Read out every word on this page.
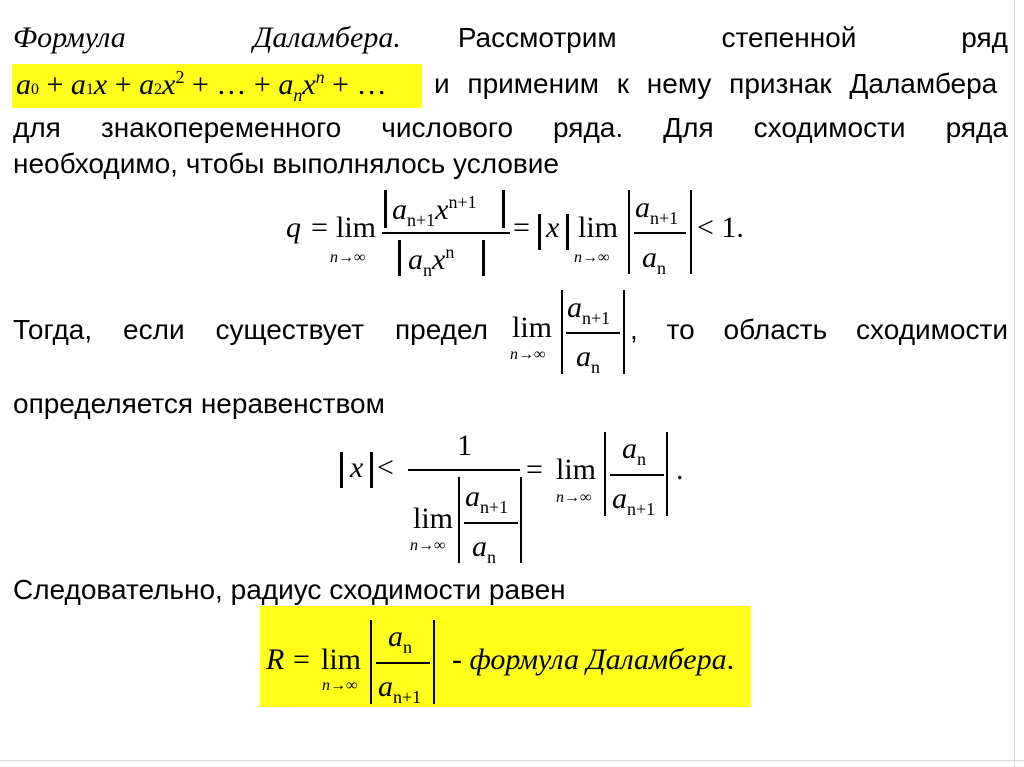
Формула Даламбера. Рассмотрим	степенной	ряд
$a0 + a1x + a2x^2$ + … + $a_nx^n$ + … и применим к нему признак Даламбера
для знакопеременного числового ряда. Для сходимости ряда
необходимо, чтобы выполнялось условие
q = lim
n→∞
$a_{n+1}x^{n+1}$
$a_nx^n$
= x lim
n→∞
$a_{n+1}$
$a_n$
< 1.
Тогда, если существует предел lim
n→∞
$a_{n+1}$
$a_n$
, то область сходимости
определяется неравенством
x <
1
lim
n→∞
$a_{n+1}$
$a_n$
= lim
n→∞
$a_n$
$a_{n+1}$
.
Следовательно, радиус сходимости равен
R = lim
n→∞
$a_n$
$a_{n+1}$
- формула Даламбера.
